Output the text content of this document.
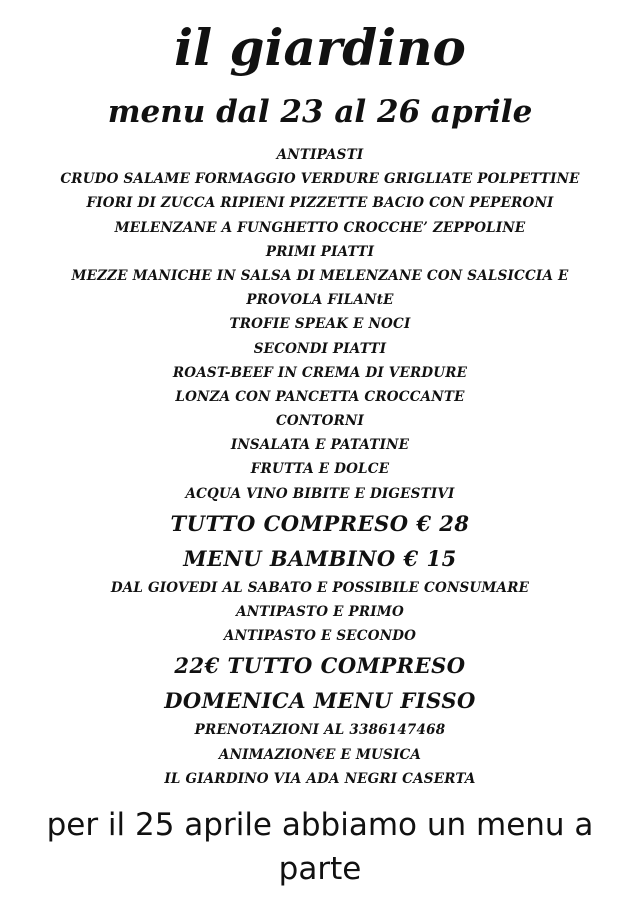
il giardino
menu dal 23 al 26 aprile
ANTIPASTI
CRUDO SALAME FORMAGGIO VERDURE GRIGLIATE POLPETTINE
FIORI DI ZUCCA RIPIENI PIZZETTE BACIO CON PEPERONI
MELENZANE A FUNGHETTO CROCCHE’ ZEPPOLINE
PRIMI PIATTI
MEZZE MANICHE IN SALSA DI MELENZANE CON SALSICCIA E
PROVOLA FILANtE
TROFIE SPEAK E NOCI
SECONDI PIATTI
ROAST-BEEF IN CREMA DI VERDURE
LONZA CON PANCETTA CROCCANTE
CONTORNI
INSALATA E PATATINE
FRUTTA E DOLCE
ACQUA VINO BIBITE E DIGESTIVI
TUTTO COMPRESO € 28
MENU BAMBINO € 15
DAL GIOVEDI AL SABATO E POSSIBILE CONSUMARE
ANTIPASTO E PRIMO
ANTIPASTO E SECONDO
22€ TUTTO COMPRESO
DOMENICA MENU FISSO
PRENOTAZIONI AL 3386147468
ANIMAZION€E E MUSICA
IL GIARDINO VIA ADA NEGRI CASERTA
per il 25 aprile abbiamo un menu a
parte
